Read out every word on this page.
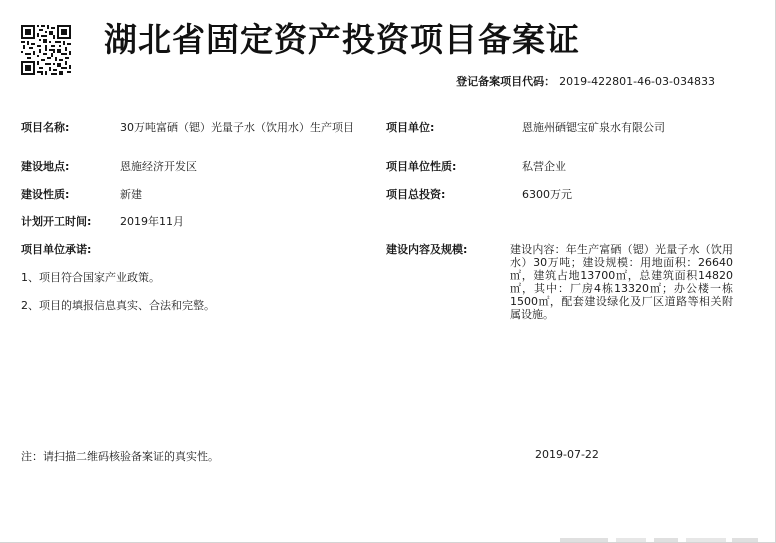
湖北省固定资产投资项目备案证
登记备案项目代码： 2019-422801-46-03-034833
项目名称:	30万吨富硒（锶）光量子水（饮用水）生产项目	项目单位:	恩施州硒锶宝矿泉水有限公司
建设地点:	恩施经济开发区	项目单位性质:	私营企业
建设性质:	新建	项目总投资:	6300万元
计划开工时间:	2019年11月
项目单位承诺:	建设内容及规模:	建设内容：年生产富硒（锶）光量子水（饮用水）30万吨；建设规模：用地面积：26640㎡，建筑占地13700㎡，总建筑面积14820㎡，其中：厂房4栋13320㎡；办公楼一栋1500㎡，配套建设绿化及厂区道路等相关附属设施。
1、项目符合国家产业政策。
2、项目的填报信息真实、合法和完整。
注：请扫描二维码核验备案证的真实性。	2019-07-22
